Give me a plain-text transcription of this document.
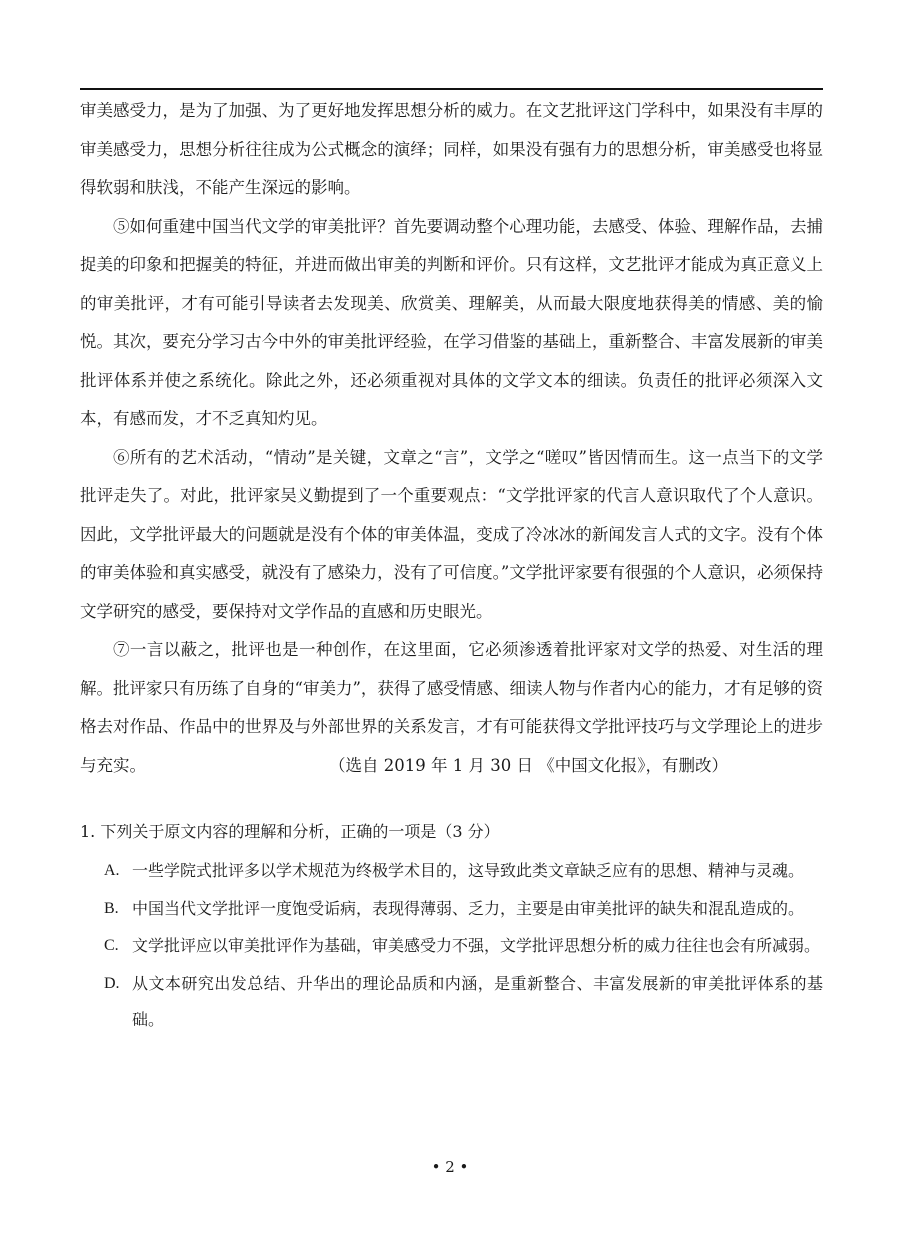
审美感受力，是为了加强、为了更好地发挥思想分析的威力。在文艺批评这门学科中，如果没有丰厚的审美感受力，思想分析往往成为公式概念的演绎；同样，如果没有强有力的思想分析，审美感受也将显得软弱和肤浅，不能产生深远的影响。

⑤如何重建中国当代文学的审美批评？首先要调动整个心理功能，去感受、体验、理解作品，去捕捉美的印象和把握美的特征，并进而做出审美的判断和评价。只有这样，文艺批评才能成为真正意义上的审美批评，才有可能引导读者去发现美、欣赏美、理解美，从而最大限度地获得美的情感、美的愉悦。其次，要充分学习古今中外的审美批评经验，在学习借鉴的基础上，重新整合、丰富发展新的审美批评体系并使之系统化。除此之外，还必须重视对具体的文学文本的细读。负责任的批评必须深入文本，有感而发，才不乏真知灼见。

⑥所有的艺术活动，“情动”是关键，文章之“言”，文学之“嗟叹”皆因情而生。这一点当下的文学批评走失了。对此，批评家吴义勤提到了一个重要观点：“文学批评家的代言人意识取代了个人意识。因此，文学批评最大的问题就是没有个体的审美体温，变成了冷冰冰的新闻发言人式的文字。没有个体的审美体验和真实感受，就没有了感染力，没有了可信度。”文学批评家要有很强的个人意识，必须保持文学研究的感受，要保持对文学作品的直感和历史眼光。

⑦一言以蔽之，批评也是一种创作，在这里面，它必须渗透着批评家对文学的热爱、对生活的理解。批评家只有历练了自身的“审美力”，获得了感受情感、细读人物与作者内心的能力，才有足够的资格去对作品、作品中的世界及与外部世界的关系发言，才有可能获得文学批评技巧与文学理论上的进步与充实。	（选自 2019 年 1 月 30 日 《中国文化报》，有删改）

1. 下列关于原文内容的理解和分析，正确的一项是（3 分）
A. 一些学院式批评多以学术规范为终极学术目的，这导致此类文章缺乏应有的思想、精神与灵魂。
B. 中国当代文学批评一度饱受诟病，表现得薄弱、乏力，主要是由审美批评的缺失和混乱造成的。
C. 文学批评应以审美批评作为基础，审美感受力不强，文学批评思想分析的威力往往也会有所减弱。
D. 从文本研究出发总结、升华出的理论品质和内涵，是重新整合、丰富发展新的审美批评体系的基础。
• 2 •
